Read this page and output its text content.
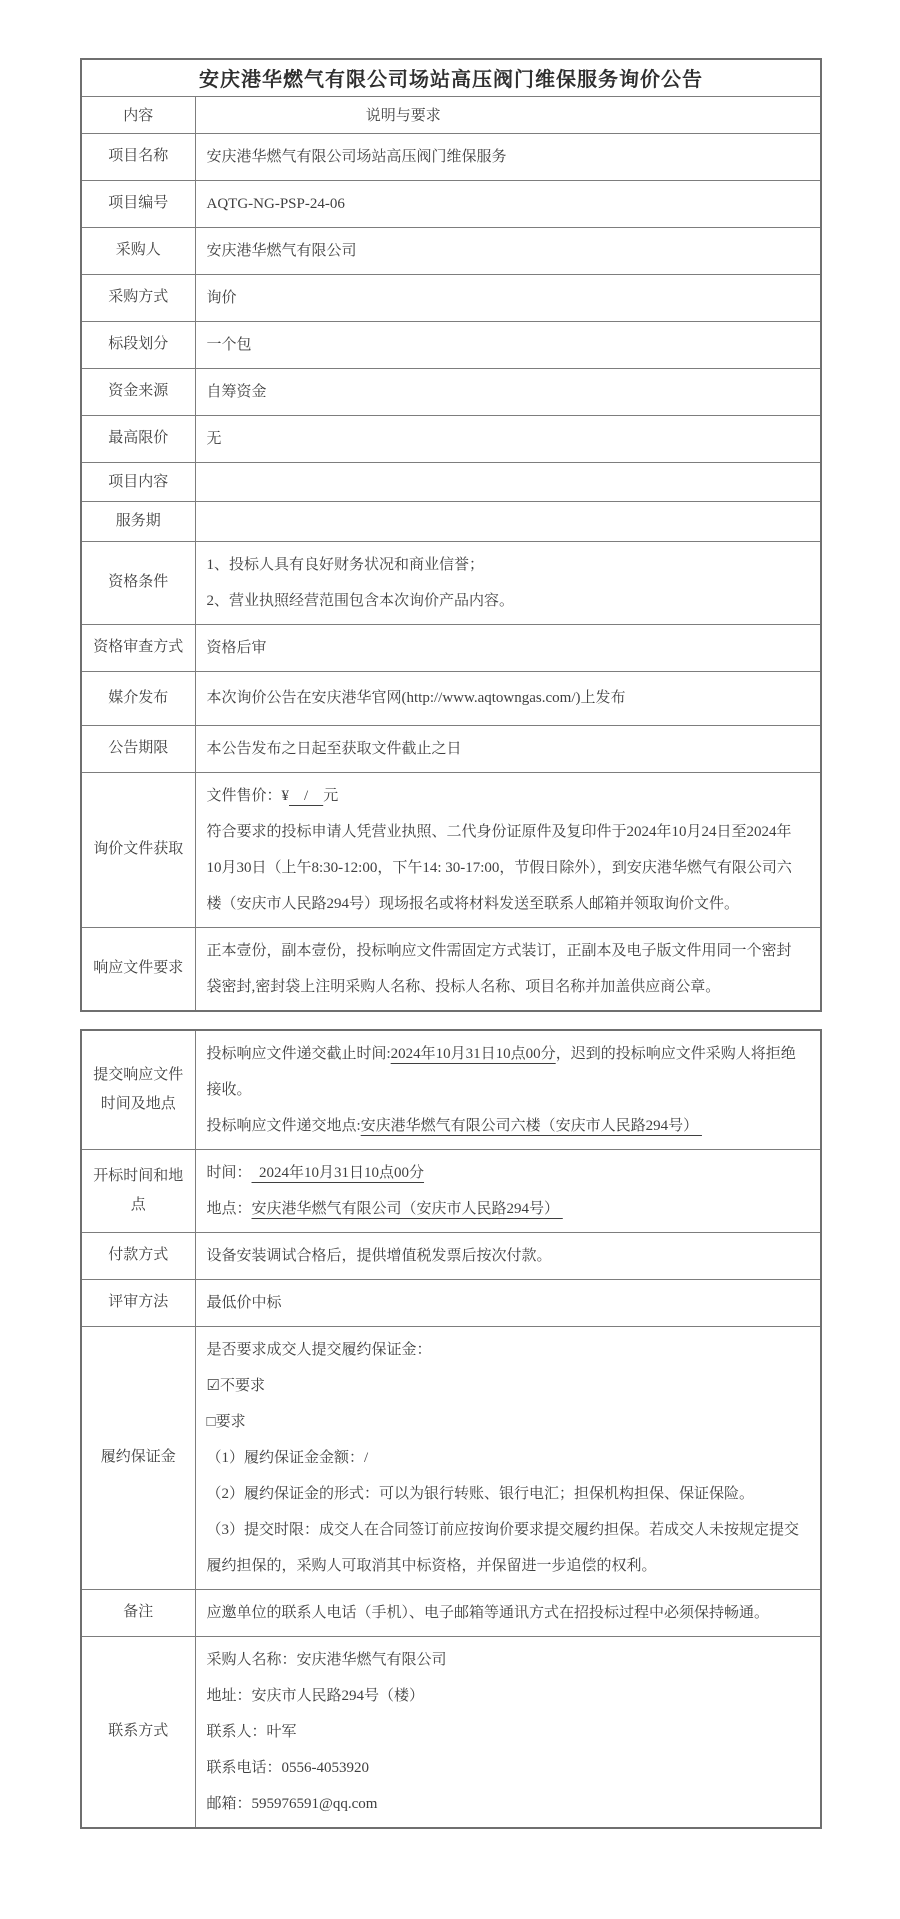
安庆港华燃气有限公司场站高压阀门维保服务询价公告	
内容	说明与要求
项目名称	安庆港华燃气有限公司场站高压阀门维保服务

项目编号	AQTG-NG-PSP-24-06

采购人	安庆港华燃气有限公司

采购方式	询价

标段划分	一个包

资金来源	自筹资金

最高限价	无

项目内容	
服务期	
资格条件	1、投标人具有良好财务状况和商业信誉；
2、营业执照经营范围包含本次询价产品内容。

资格审查方式	资格后审

媒介发布	本次询价公告在安庆港华官网(http://www.aqtowngas.com/)上发布

公告期限	本公告发布之日起至获取文件截止之日

询价文件获取	文件售价：¥    /    元
符合要求的投标申请人凭营业执照、二代身份证原件及复印件于2024年10月24日至2024年10月30日（上午8:30-12:00，下午14: 30-17:00，节假日除外），到安庆港华燃气有限公司六楼（安庆市人民路294号）现场报名或将材料发送至联系人邮箱并领取询价文件。

响应文件要求	正本壹份，副本壹份，投标响应文件需固定方式装订，正副本及电子版文件用同一个密封袋密封,密封袋上注明采购人名称、投标人名称、项目名称并加盖供应商公章。
提交响应文件时间及地点	投标响应文件递交截止时间:2024年10月31日10点00分，迟到的投标响应文件采购人将拒绝接收。
投标响应文件递交地点:安庆港华燃气有限公司六楼（安庆市人民路294号）

开标时间和地点	时间：  2024年10月31日10点00分
地点：安庆港华燃气有限公司（安庆市人民路294号）

付款方式	设备安装调试合格后，提供增值税发票后按次付款。

评审方法	最低价中标

履约保证金	
是否要求成交人提交履约保证金：
☑不要求
□要求
（1）履约保证金金额：/
（2）履约保证金的形式：可以为银行转账、银行电汇；担保机构担保、保证保险。
（3）提交时限：成交人在合同签订前应按询价要求提交履约担保。若成交人未按规定提交履约担保的，采购人可取消其中标资格，并保留进一步追偿的权利。

备注	应邀单位的联系人电话（手机）、电子邮箱等通讯方式在招投标过程中必须保持畅通。

联系方式	采购人名称：安庆港华燃气有限公司
地址：安庆市人民路294号（楼）
联系人：叶军
联系电话：0556-4053920
邮箱：595976591@qq.com
